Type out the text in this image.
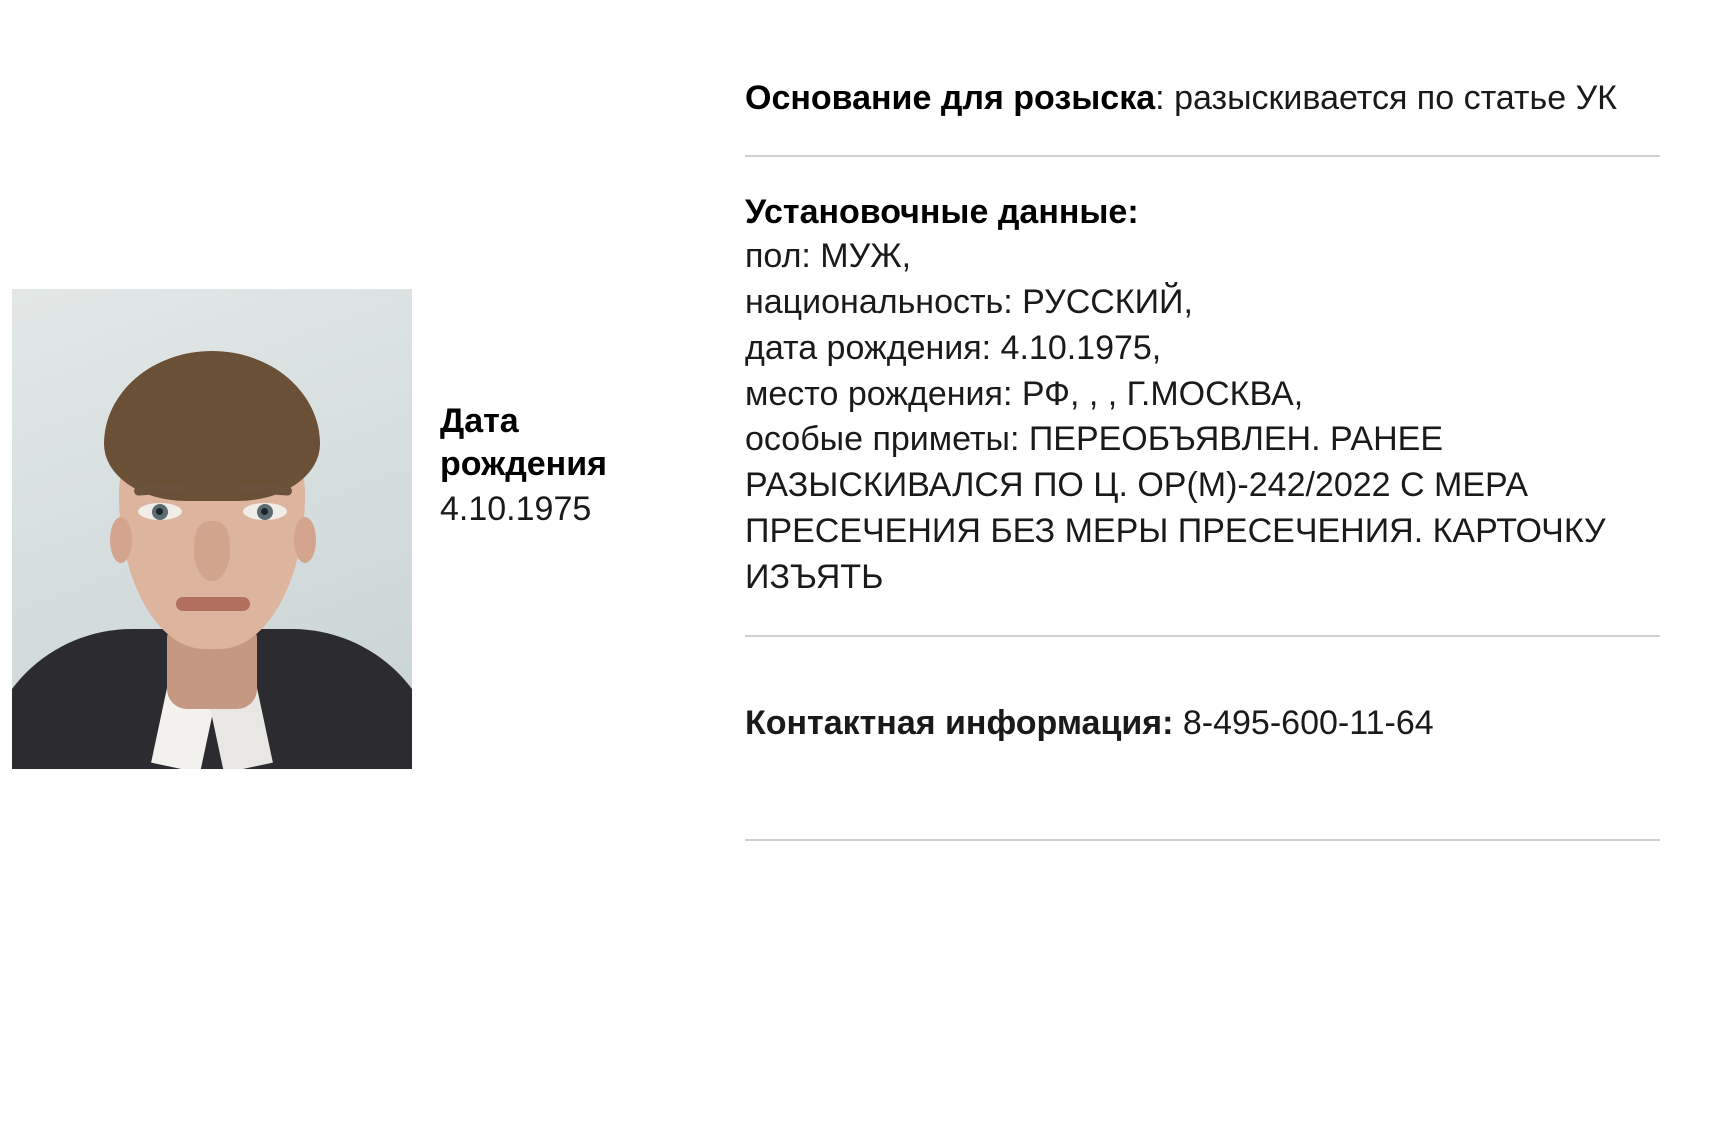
Дата
рождения
4.10.1975

Основание для розыска: разыскивается по статье УК

Установочные данные:
пол: МУЖ,
национальность: РУССКИЙ,
дата рождения: 4.10.1975,
место рождения: РФ, , , Г.МОСКВА,
особые приметы: ПЕРЕОБЪЯВЛЕН. РАНЕЕ РАЗЫСКИВАЛСЯ ПО Ц. ОР(М)-242/2022 С МЕРА ПРЕСЕЧЕНИЯ БЕЗ МЕРЫ ПРЕСЕЧЕНИЯ. КАРТОЧКУ ИЗЪЯТЬ

Контактная информация: 8-495-600-11-64
